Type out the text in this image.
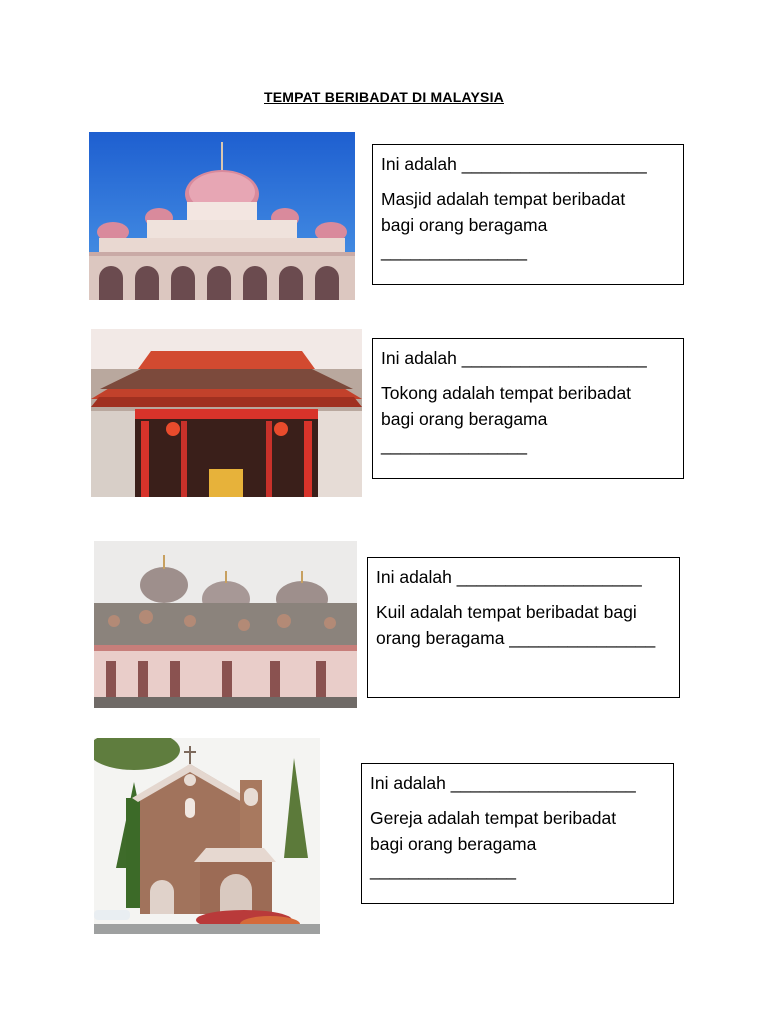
TEMPAT BERIBADAT DI MALAYSIA

Ini adalah ___________________

Masjid adalah tempat beribadat

bagi orang beragama

_______________

Ini adalah ___________________

Tokong adalah tempat beribadat

bagi orang beragama

_______________

Ini adalah ___________________

Kuil adalah tempat beribadat bagi

orang beragama _______________

Ini adalah ___________________

Gereja adalah tempat beribadat

bagi orang beragama

_______________
